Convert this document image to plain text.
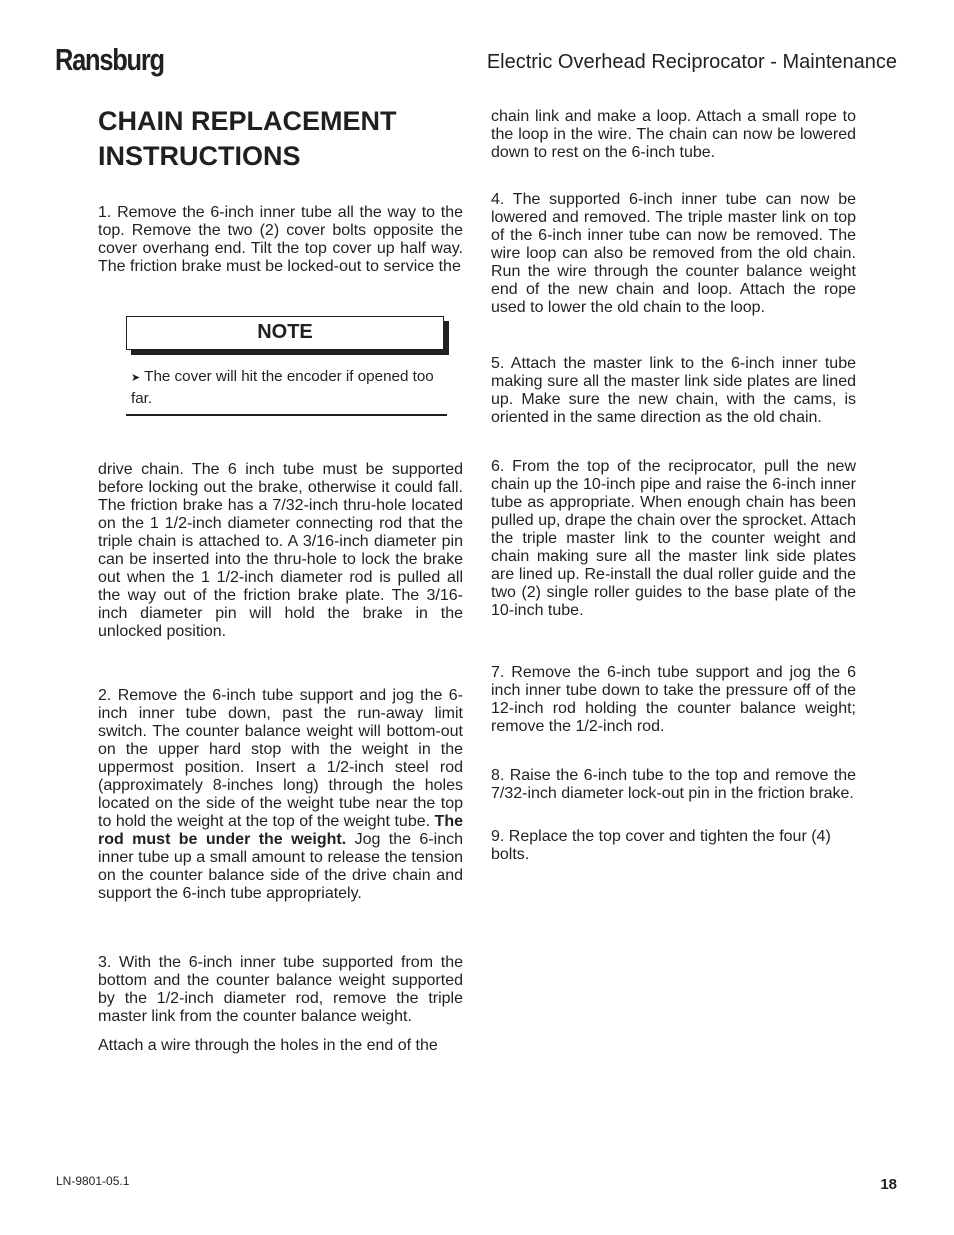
Ransburg	Electric Overhead Reciprocator - Maintenance
CHAIN REPLACEMENT
INSTRUCTIONS

1. Remove the 6-inch inner tube all the way to the top. Remove the two (2) cover bolts opposite the cover overhang end. Tilt the top cover up half way. The friction brake must be locked-out to service the

NOTE
➤ The cover will hit the encoder if opened too far.

drive chain. The 6 inch tube must be supported before locking out the brake, otherwise it could fall. The friction brake has a 7/32-inch thru-hole located on the 1 1/2-inch diameter connecting rod that the triple chain is attached to. A 3/16-inch diameter pin can be inserted into the thru-hole to lock the brake out when the 1 1/2-inch diameter rod is pulled all the way out of the friction brake plate. The 3/16- inch diameter pin will hold the brake in the unlocked position.

2. Remove the 6-inch tube support and jog the 6-inch inner tube down, past the run-away limit switch. The counter balance weight will bottom-out on the upper hard stop with the weight in the uppermost position. Insert a 1/2-inch steel rod (approximately 8-inches long) through the holes located on the side of the weight tube near the top to hold the weight at the top of the weight tube. The rod must be under the weight. Jog the 6-inch inner tube up a small amount to release the tension on the counter balance side of the drive chain and support the 6-inch tube appropriately.

3. With the 6-inch inner tube supported from the bottom and the counter balance weight supported by the 1/2-inch diameter rod, remove the triple master link from the counter balance weight.

Attach a wire through the holes in the end of the

chain link and make a loop. Attach a small rope to the loop in the wire. The chain can now be lowered down to rest on the 6-inch tube.

4. The supported 6-inch inner tube can now be lowered and removed. The triple master link on top of the 6-inch inner tube can now be removed. The wire loop can also be removed from the old chain. Run the wire through the counter balance weight end of the new chain and loop. Attach the rope used to lower the old chain to the loop.

5. Attach the master link to the 6-inch inner tube making sure all the master link side plates are lined up. Make sure the new chain, with the cams, is oriented in the same direction as the old chain.

6. From the top of the reciprocator, pull the new chain up the 10-inch pipe and raise the 6-inch inner tube as appropriate. When enough chain has been pulled up, drape the chain over the sprocket. Attach the triple master link to the counter weight and chain making sure all the master link side plates are lined up. Re-install the dual roller guide and the two (2) single roller guides to the base plate of the 10-inch tube.

7. Remove the 6-inch tube support and jog the 6 inch inner tube down to take the pressure off of the 12-inch rod holding the counter balance weight; remove the 1/2-inch rod.

8. Raise the 6-inch tube to the top and remove the 7/32-inch diameter lock-out pin in the friction brake.

9. Replace the top cover and tighten the four (4) bolts.

LN-9801-05.1	18
